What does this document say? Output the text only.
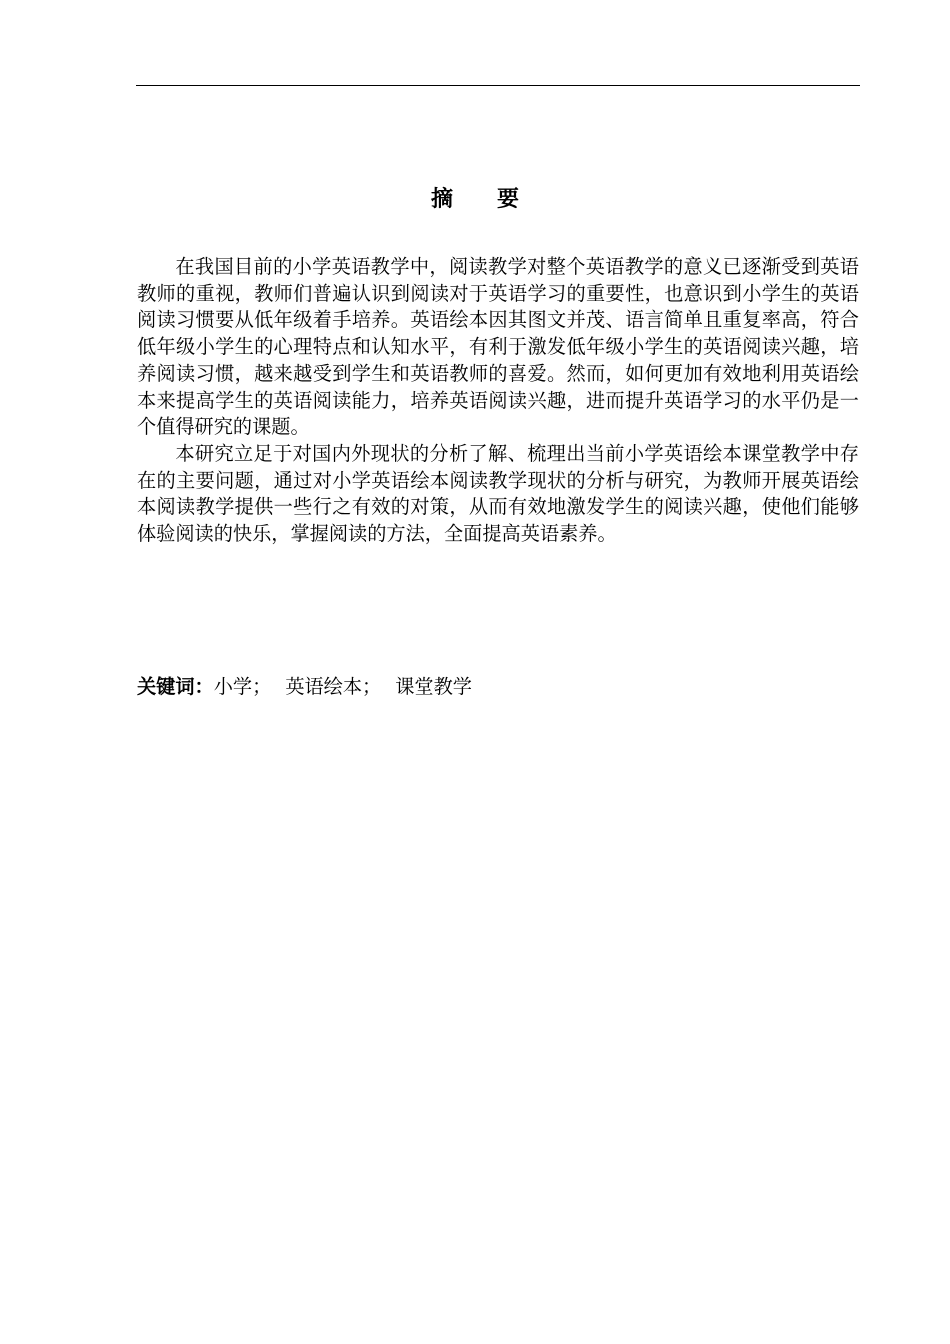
摘 要

在我国目前的小学英语教学中，阅读教学对整个英语教学的意义已逐渐受到英语教师的重视，教师们普遍认识到阅读对于英语学习的重要性，也意识到小学生的英语阅读习惯要从低年级着手培养。英语绘本因其图文并茂、语言简单且重复率高，符合低年级小学生的心理特点和认知水平，有利于激发低年级小学生的英语阅读兴趣，培养阅读习惯，越来越受到学生和英语教师的喜爱。然而，如何更加有效地利用英语绘本来提高学生的英语阅读能力，培养英语阅读兴趣，进而提升英语学习的水平仍是一个值得研究的课题。

本研究立足于对国内外现状的分析了解、梳理出当前小学英语绘本课堂教学中存在的主要问题，通过对小学英语绘本阅读教学现状的分析与研究，为教师开展英语绘本阅读教学提供一些行之有效的对策，从而有效地激发学生的阅读兴趣，使他们能够体验阅读的快乐，掌握阅读的方法，全面提高英语素养。

关键词：小学； 英语绘本； 课堂教学
